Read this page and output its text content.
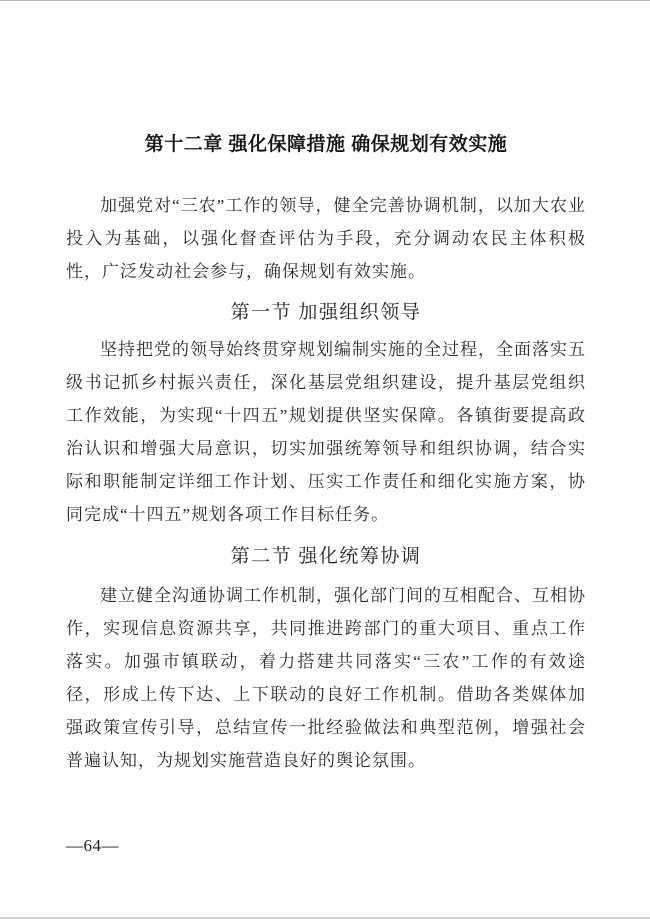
第十二章 强化保障措施 确保规划有效实施

加强党对“三农”工作的领导，健全完善协调机制，以加大农业投入为基础，以强化督查评估为手段，充分调动农民主体积极性，广泛发动社会参与，确保规划有效实施。

第一节 加强组织领导

坚持把党的领导始终贯穿规划编制实施的全过程，全面落实五级书记抓乡村振兴责任，深化基层党组织建设，提升基层党组织工作效能，为实现“十四五”规划提供坚实保障。各镇街要提高政治认识和增强大局意识，切实加强统筹领导和组织协调，结合实际和职能制定详细工作计划、压实工作责任和细化实施方案，协同完成“十四五”规划各项工作目标任务。

第二节 强化统筹协调

建立健全沟通协调工作机制，强化部门间的互相配合、互相协作，实现信息资源共享，共同推进跨部门的重大项目、重点工作落实。加强市镇联动，着力搭建共同落实“三农”工作的有效途径，形成上传下达、上下联动的良好工作机制。借助各类媒体加强政策宣传引导，总结宣传一批经验做法和典型范例，增强社会普遍认知，为规划实施营造良好的舆论氛围。

—64—
